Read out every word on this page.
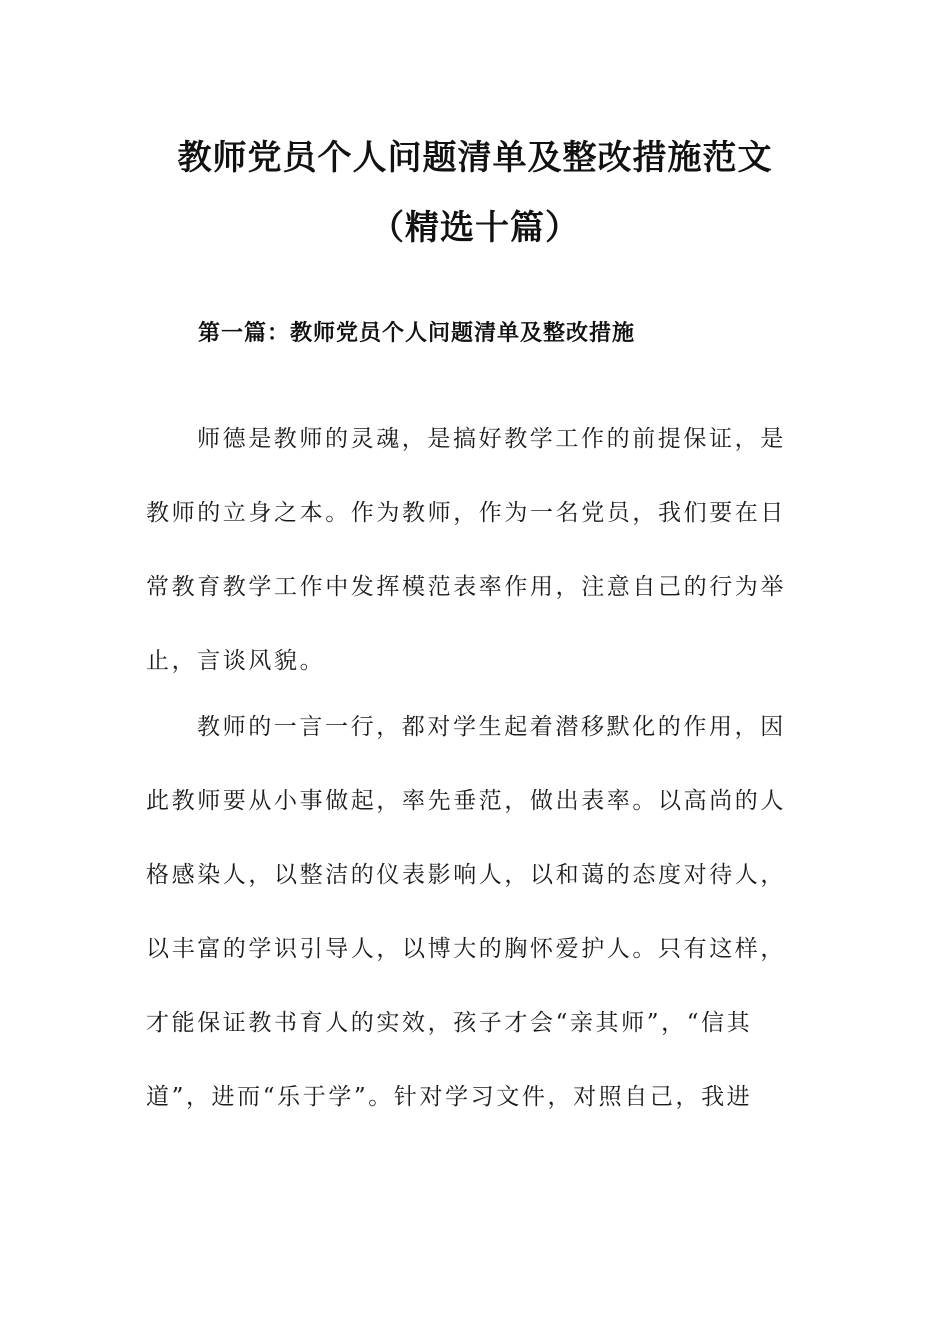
教师党员个人问题清单及整改措施范文
（精选十篇）
第一篇：教师党员个人问题清单及整改措施
师德是教师的灵魂，是搞好教学工作的前提保证，是
教师的立身之本。作为教师，作为一名党员，我们要在日
常教育教学工作中发挥模范表率作用，注意自己的行为举
止，言谈风貌。
教师的一言一行，都对学生起着潜移默化的作用，因
此教师要从小事做起，率先垂范，做出表率。以高尚的人
格感染人，以整洁的仪表影响人，以和蔼的态度对待人，
以丰富的学识引导人，以博大的胸怀爱护人。只有这样，
才能保证教书育人的实效，孩子才会“亲其师”，“信其
道”，进而“乐于学”。针对学习文件，对照自己，我进
